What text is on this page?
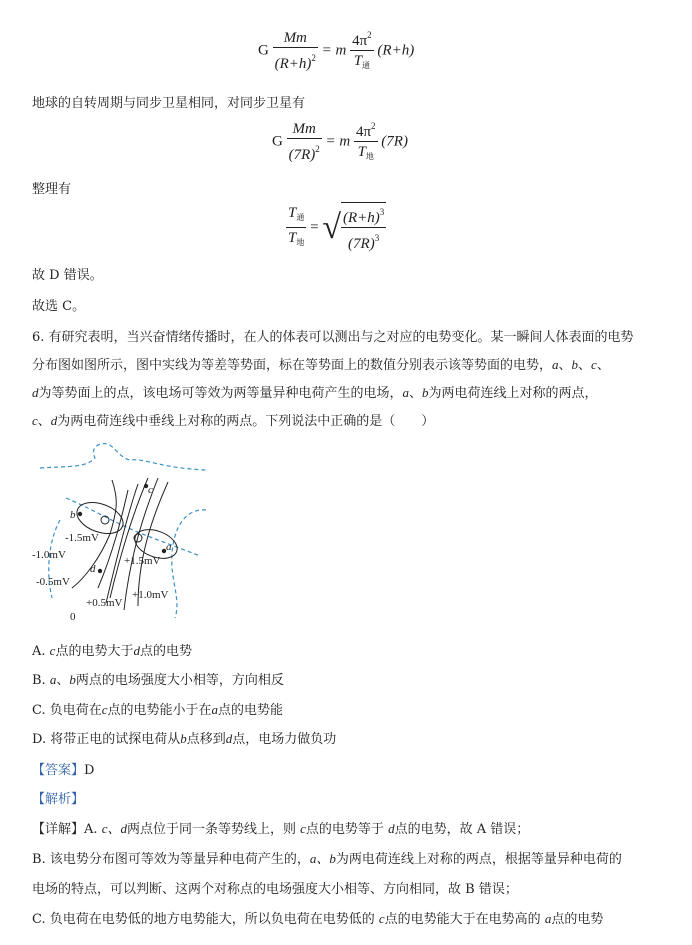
G $\frac{Mm}{(R+h)^2} = m \frac{4\pi^2}{T_通} (R+h)$
地球的自转周期与同步卫星相同，对同步卫星有
G $\frac{Mm}{(7R)^2} = m \frac{4\pi^2}{T_地} (7R)$
整理有
$\frac{T_通}{T_地}$ = √ $\frac{(R+h)^3}{(7R)^3}$
故 D 错误。
故选 C。
6. 有研究表明，当兴奋情绪传播时，在人的体表可以测出与之对应的电势变化。某一瞬间人体表面的电势
分布图如图所示，图中实线为等差等势面，标在等势面上的数值分别表示该等势面的电势，a、b、c、
d为等势面上的点，该电场可等效为两等量异种电荷产生的电场，a、b为两电荷连线上对称的两点，
c、d为两电荷连线中垂线上对称的两点。下列说法中正确的是（　　）
c
b
a
d
-1.5mV
-1.0mV
-0.5mV
+1.5mV
+1.0mV
+0.5mV
0
A. c点的电势大于d点的电势
B. a、b两点的电场强度大小相等，方向相反
C. 负电荷在c点的电势能小于在a点的电势能
D. 将带正电的试探电荷从b点移到d点，电场力做负功
【答案】D
【解析】
【详解】A. c、d两点位于同一条等势线上，则 c点的电势等于 d点的电势，故 A 错误；
B. 该电势分布图可等效为等量异种电荷产生的，a、b为两电荷连线上对称的两点，根据等量异种电荷的
电场的特点，可以判断、这两个对称点的电场强度大小相等、方向相同，故 B 错误；
C. 负电荷在电势低的地方电势能大，所以负电荷在电势低的 c点的电势能大于在电势高的 a点的电势
